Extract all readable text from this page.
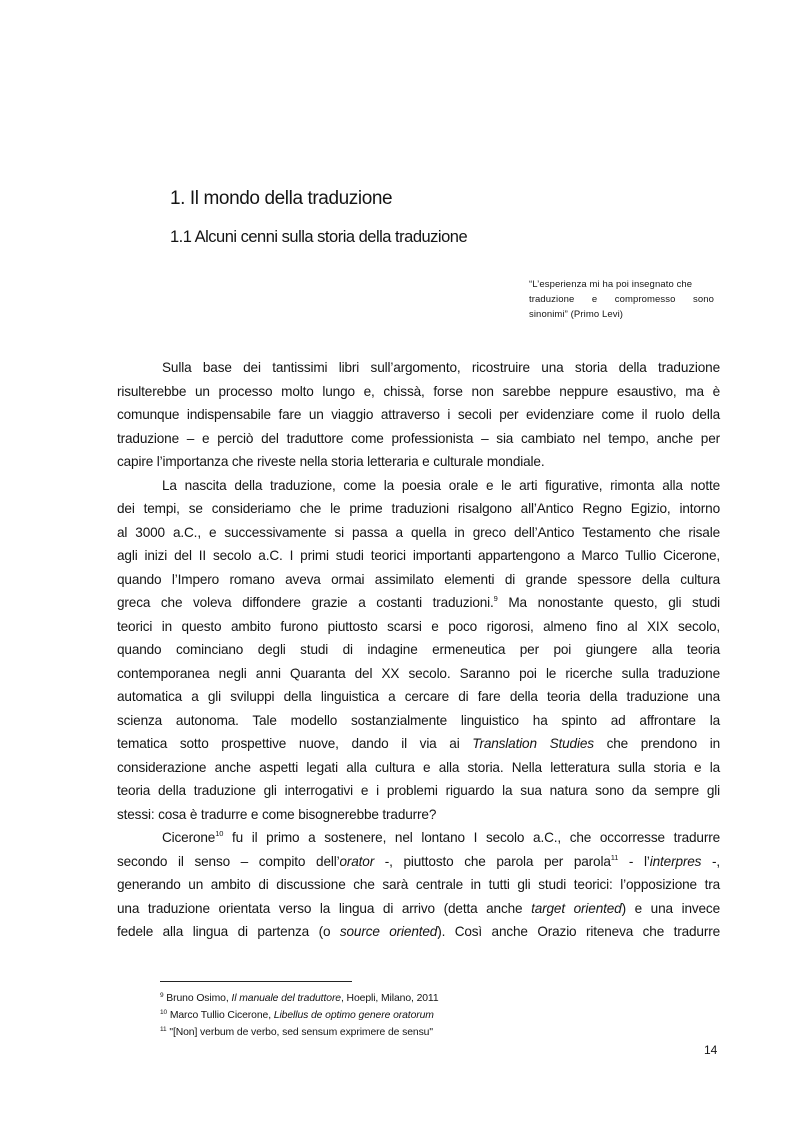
1. Il mondo della traduzione
1.1 Alcuni cenni sulla storia della traduzione
“L’esperienza mi ha poi insegnato che
traduzione e compromesso sono
sinonimi” (Primo Levi)
Sulla base dei tantissimi libri sull’argomento, ricostruire una storia della traduzione
risulterebbe un processo molto lungo e, chissà, forse non sarebbe neppure esaustivo, ma è
comunque indispensabile fare un viaggio attraverso i secoli per evidenziare come il ruolo della
traduzione – e perciò del traduttore come professionista – sia cambiato nel tempo, anche per
capire l’importanza che riveste nella storia letteraria e culturale mondiale.
La nascita della traduzione, come la poesia orale e le arti figurative, rimonta alla notte
dei tempi, se consideriamo che le prime traduzioni risalgono all’Antico Regno Egizio, intorno
al 3000 a.C., e successivamente si passa a quella in greco dell’Antico Testamento che risale
agli inizi del II secolo a.C. I primi studi teorici importanti appartengono a Marco Tullio Cicerone,
quando l’Impero romano aveva ormai assimilato elementi di grande spessore della cultura
greca che voleva diffondere grazie a costanti traduzioni.$^9$ Ma nonostante questo, gli studi
teorici in questo ambito furono piuttosto scarsi e poco rigorosi, almeno fino al XIX secolo,
quando cominciano degli studi di indagine ermeneutica per poi giungere alla teoria
contemporanea negli anni Quaranta del XX secolo. Saranno poi le ricerche sulla traduzione
automatica a gli sviluppi della linguistica a cercare di fare della teoria della traduzione una
scienza autonoma. Tale modello sostanzialmente linguistico ha spinto ad affrontare la
tematica sotto prospettive nuove, dando il via ai Translation Studies che prendono in
considerazione anche aspetti legati alla cultura e alla storia. Nella letteratura sulla storia e la
teoria della traduzione gli interrogativi e i problemi riguardo la sua natura sono da sempre gli
stessi: cosa è tradurre e come bisognerebbe tradurre?
Cicerone$^{10}$ fu il primo a sostenere, nel lontano I secolo a.C., che occorresse tradurre
secondo il senso – compito dell’orator -, piuttosto che parola per parola$^{11}$ - l’interpres -,
generando un ambito di discussione che sarà centrale in tutti gli studi teorici: l’opposizione tra
una traduzione orientata verso la lingua di arrivo (detta anche target oriented) e una invece
fedele alla lingua di partenza (o source oriented). Così anche Orazio riteneva che tradurre
$^9$ Bruno Osimo, Il manuale del traduttore, Hoepli, Milano, 2011
$^{10}$ Marco Tullio Cicerone, Libellus de optimo genere oratorum
$^{11}$ "[Non] verbum de verbo, sed sensum exprimere de sensu"
14
